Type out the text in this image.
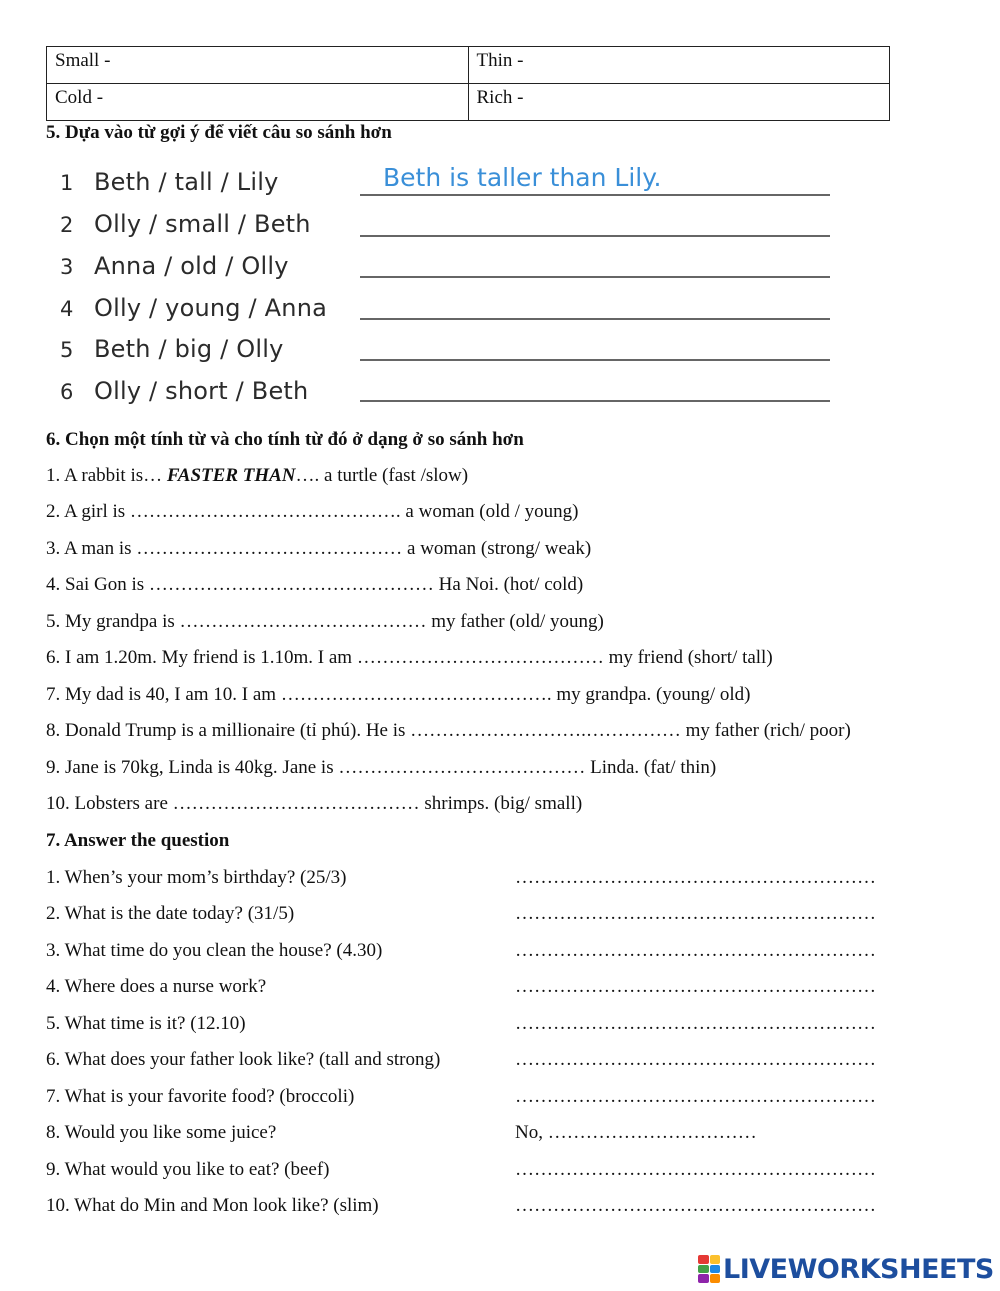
Small -	Thin -
Cold -	Rich -
5. Dựa vào từ gợi ý để viết câu so sánh hơn
1 Beth / tall / Lily	Beth is taller than Lily.
2 Olly / small / Beth
3 Anna / old / Olly
4 Olly / young / Anna
5 Beth / big / Olly
6 Olly / short / Beth
6. Chọn một tính từ và cho tính từ đó ở dạng ở so sánh hơn
1. A rabbit is… FASTER THAN…. a turtle (fast /slow)
2. A girl is ……………………………………. a woman (old / young)
3. A man is …………………………………… a woman (strong/ weak)
4. Sai Gon is ……………………………………… Ha Noi. (hot/ cold)
5. My grandpa is ………………………………… my father (old/ young)
6. I am 1.20m. My friend is 1.10m. I am ………………………………… my friend (short/ tall)
7. My dad is 40, I am 10. I am ……………………………………. my grandpa. (young/ old)
8. Donald Trump is a millionaire (tỉ phú). He is ……………………….…………… my father (rich/ poor)
9. Jane is 70kg, Linda is 40kg. Jane is ………………………………… Linda. (fat/ thin)
10. Lobsters are ………………………………… shrimps. (big/ small)
7. Answer the question
1. When’s your mom’s birthday? (25/3)	…………………………………………………
2. What is the date today? (31/5)	…………………………………………………
3. What time do you clean the house? (4.30)	…………………………………………………
4. Where does a nurse work?	…………………………………………………
5. What time is it? (12.10)	…………………………………………………
6. What does your father look like? (tall and strong)	…………………………………………………
7. What is your favorite food? (broccoli)	…………………………………………………
8. Would you like some juice?	No, ……………………………
9. What would you like to eat? (beef)	…………………………………………………
10. What do Min and Mon look like? (slim)	…………………………………………………
LIVEWORKSHEETS
